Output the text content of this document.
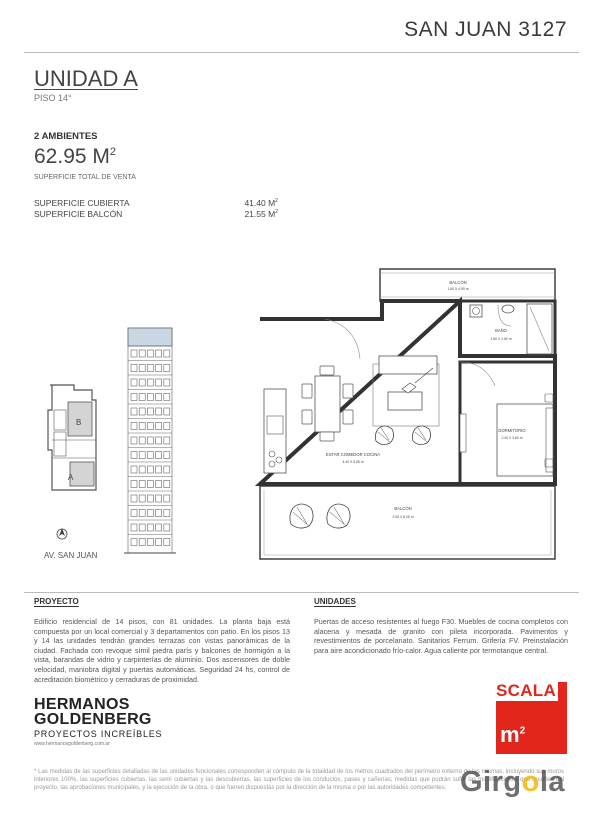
SAN JUAN 3127
UNIDAD A
PISO 14°
2 AMBIENTES
62.95 $M^2$
SUPERFICIE TOTAL DE VENTA
SUPERFICIE CUBIERTA	41.40 $M^2$
SUPERFICIE BALCÓN	21.55 $M^2$
B
A
AV. SAN JUAN
BALCÓN
1.60 X 4.90 m
BAÑO
1.50 X 2.60 m
DORMITORIO
2.40 X 3.60 m
ESTAR COMEDOR COCINA
4.40 X 5.65 m
BALCÓN
2.00 X 8.25 m
PROYECTO
Edificio residencial de 14 pisos, con 81 unidades. La planta baja está compuesta por un local comercial y 3 departamentos con patio. En los pisos 13 y 14 las unidades tendrán grandes terrazas con vistas panorámicas de la ciudad. Fachada con revoque símil piedra parís y balcones de hormigón a la vista, barandas de vidrio y carpinterías de aluminio. Dos ascensores de doble velocidad, maniobra digital y puertas automáticas. Seguridad 24 hs, control de acreditación biométrico y cerraduras de proximidad.
UNIDADES
Puertas de acceso resistentes al fuego F30. Muebles de cocina completos con alacena y mesada de granito con pileta incorporada. Pavimentos y revestimientos de porcelanato. Sanitarios Ferrum. Grifería FV. Preinstalación para aire acondicionado frío-calor. Agua caliente por termotanque central.
HERMANOS
GOLDENBERG
PROYECTOS INCREÍBLES
www.hermanosgoldenberg.com.ar
SCALA
$m^2$
* Las medidas de las superficies detalladas de las unidades funcionales corresponden al cómputo de la totalidad de los metros cuadrados del perímetro externo de las mismas, incluyendo sus muros interiores 100%, las superficies cubiertas, las semi cubiertas y las descubiertas, las superficies de los conductos, pases y cañerías; medidas que podrán sufrir las modificaciones que resulten del proyecto, las aprobaciones municipales, y la ejecución de la obra, o que fueren dispuestas por la dirección de la misma o por las autoridades competentes. Girgola
